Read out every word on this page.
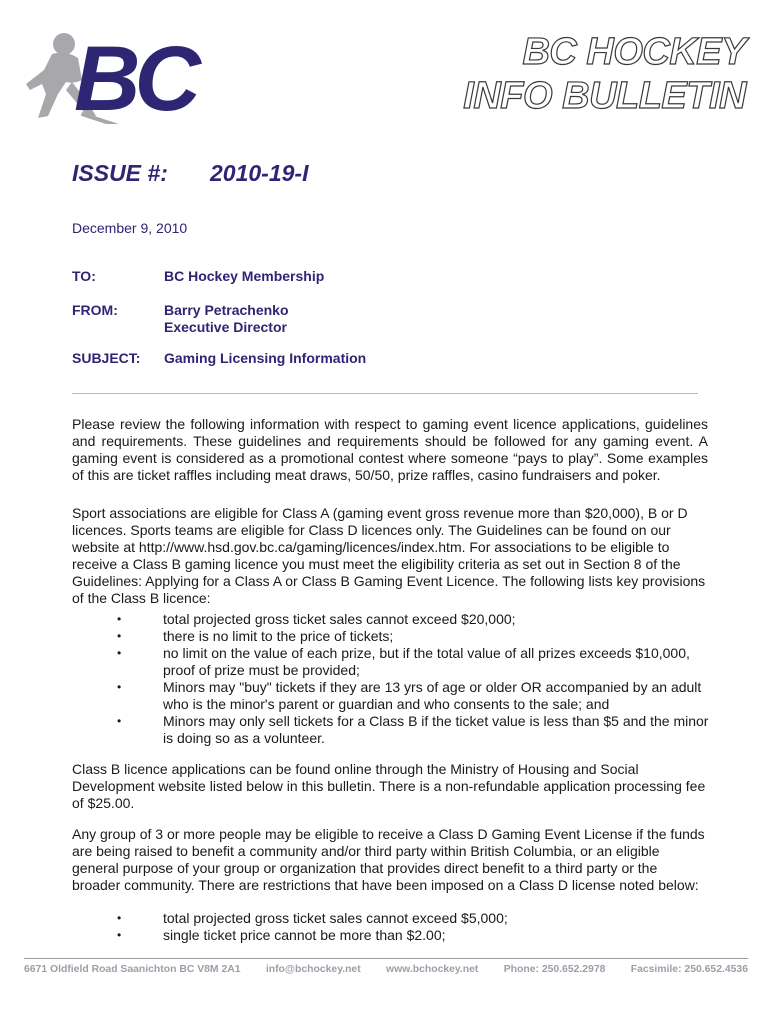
BC	BC HOCKEY
INFO BULLETIN
ISSUE #: 2010-19-I
December 9, 2010
TO:	BC Hockey Membership
FROM:	Barry Petrachenko
Executive Director
SUBJECT: Gaming Licensing Information

Please review the following information with respect to gaming event licence applications, guidelines and requirements. These guidelines and requirements should be followed for any gaming event. A gaming event is considered as a promotional contest where someone “pays to play”. Some examples of this are ticket raffles including meat draws, 50/50, prize raffles, casino fundraisers and poker.

Sport associations are eligible for Class A (gaming event gross revenue more than $20,000), B or D licences. Sports teams are eligible for Class D licences only. The Guidelines can be found on our website at http://www.hsd.gov.bc.ca/gaming/licences/index.htm. For associations to be eligible to receive a Class B gaming licence you must meet the eligibility criteria as set out in Section 8 of the Guidelines: Applying for a Class A or Class B Gaming Event Licence. The following lists key provisions of the Class B licence:

•	total projected gross ticket sales cannot exceed $20,000;
•	there is no limit to the price of tickets;
•	no limit on the value of each prize, but if the total value of all prizes exceeds $10,000, proof of prize must be provided;
•	Minors may "buy" tickets if they are 13 yrs of age or older OR accompanied by an adult who is the minor's parent or guardian and who consents to the sale; and
•	Minors may only sell tickets for a Class B if the ticket value is less than $5 and the minor is doing so as a volunteer.

Class B licence applications can be found online through the Ministry of Housing and Social Development website listed below in this bulletin. There is a non-refundable application processing fee of $25.00.

Any group of 3 or more people may be eligible to receive a Class D Gaming Event License if the funds are being raised to benefit a community and/or third party within British Columbia, or an eligible general purpose of your group or organization that provides direct benefit to a third party or the broader community. There are restrictions that have been imposed on a Class D license noted below:

•	total projected gross ticket sales cannot exceed $5,000;
•	single ticket price cannot be more than $2.00;
6671 Oldfield Road Saanichton BC V8M 2A1 info@bchockey.net www.bchockey.net Phone: 250.652.2978 Facsimile: 250.652.4536
